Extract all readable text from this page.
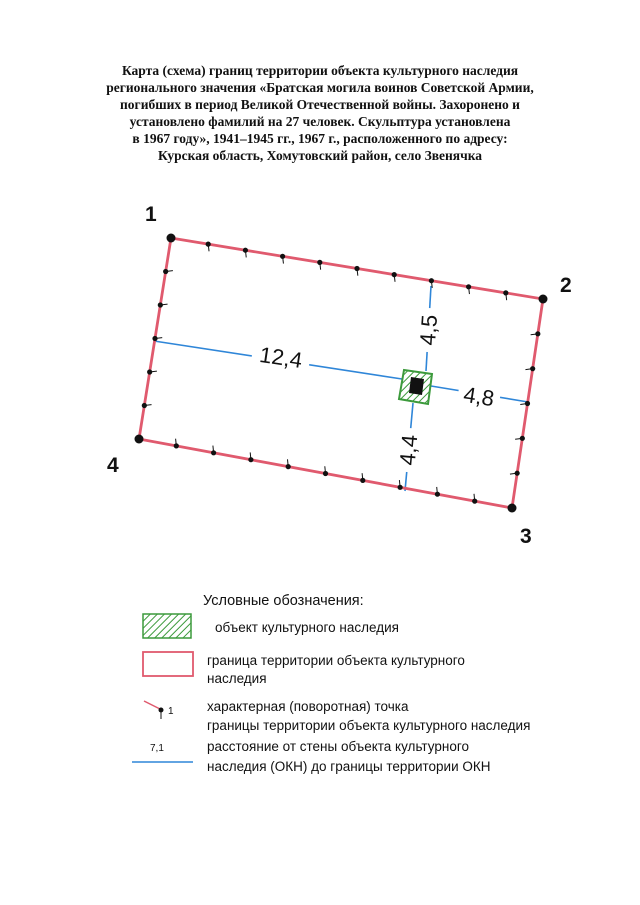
Карта (схема) границ территории объекта культурного наследия
регионального значения «Братская могила воинов Советской Армии,
погибших в период Великой Отечественной войны. Захоронено и
установлено фамилий на 27 человек. Скульптура установлена
в 1967 году», 1941–1945 гг., 1967 г., расположенного по адресу:
Курская область, Хомутовский район, село Звенячка
12,4
4,5
4,8
4,4
1
2
3
4
Условные обозначения:
объект культурного наследия
граница территории объекта культурного
наследия
1 характерная (поворотная) точка
границы территории объекта культурного наследия
7,1	расстояние от стены объекта культурного
наследия (ОКН) до границы территории ОКН
